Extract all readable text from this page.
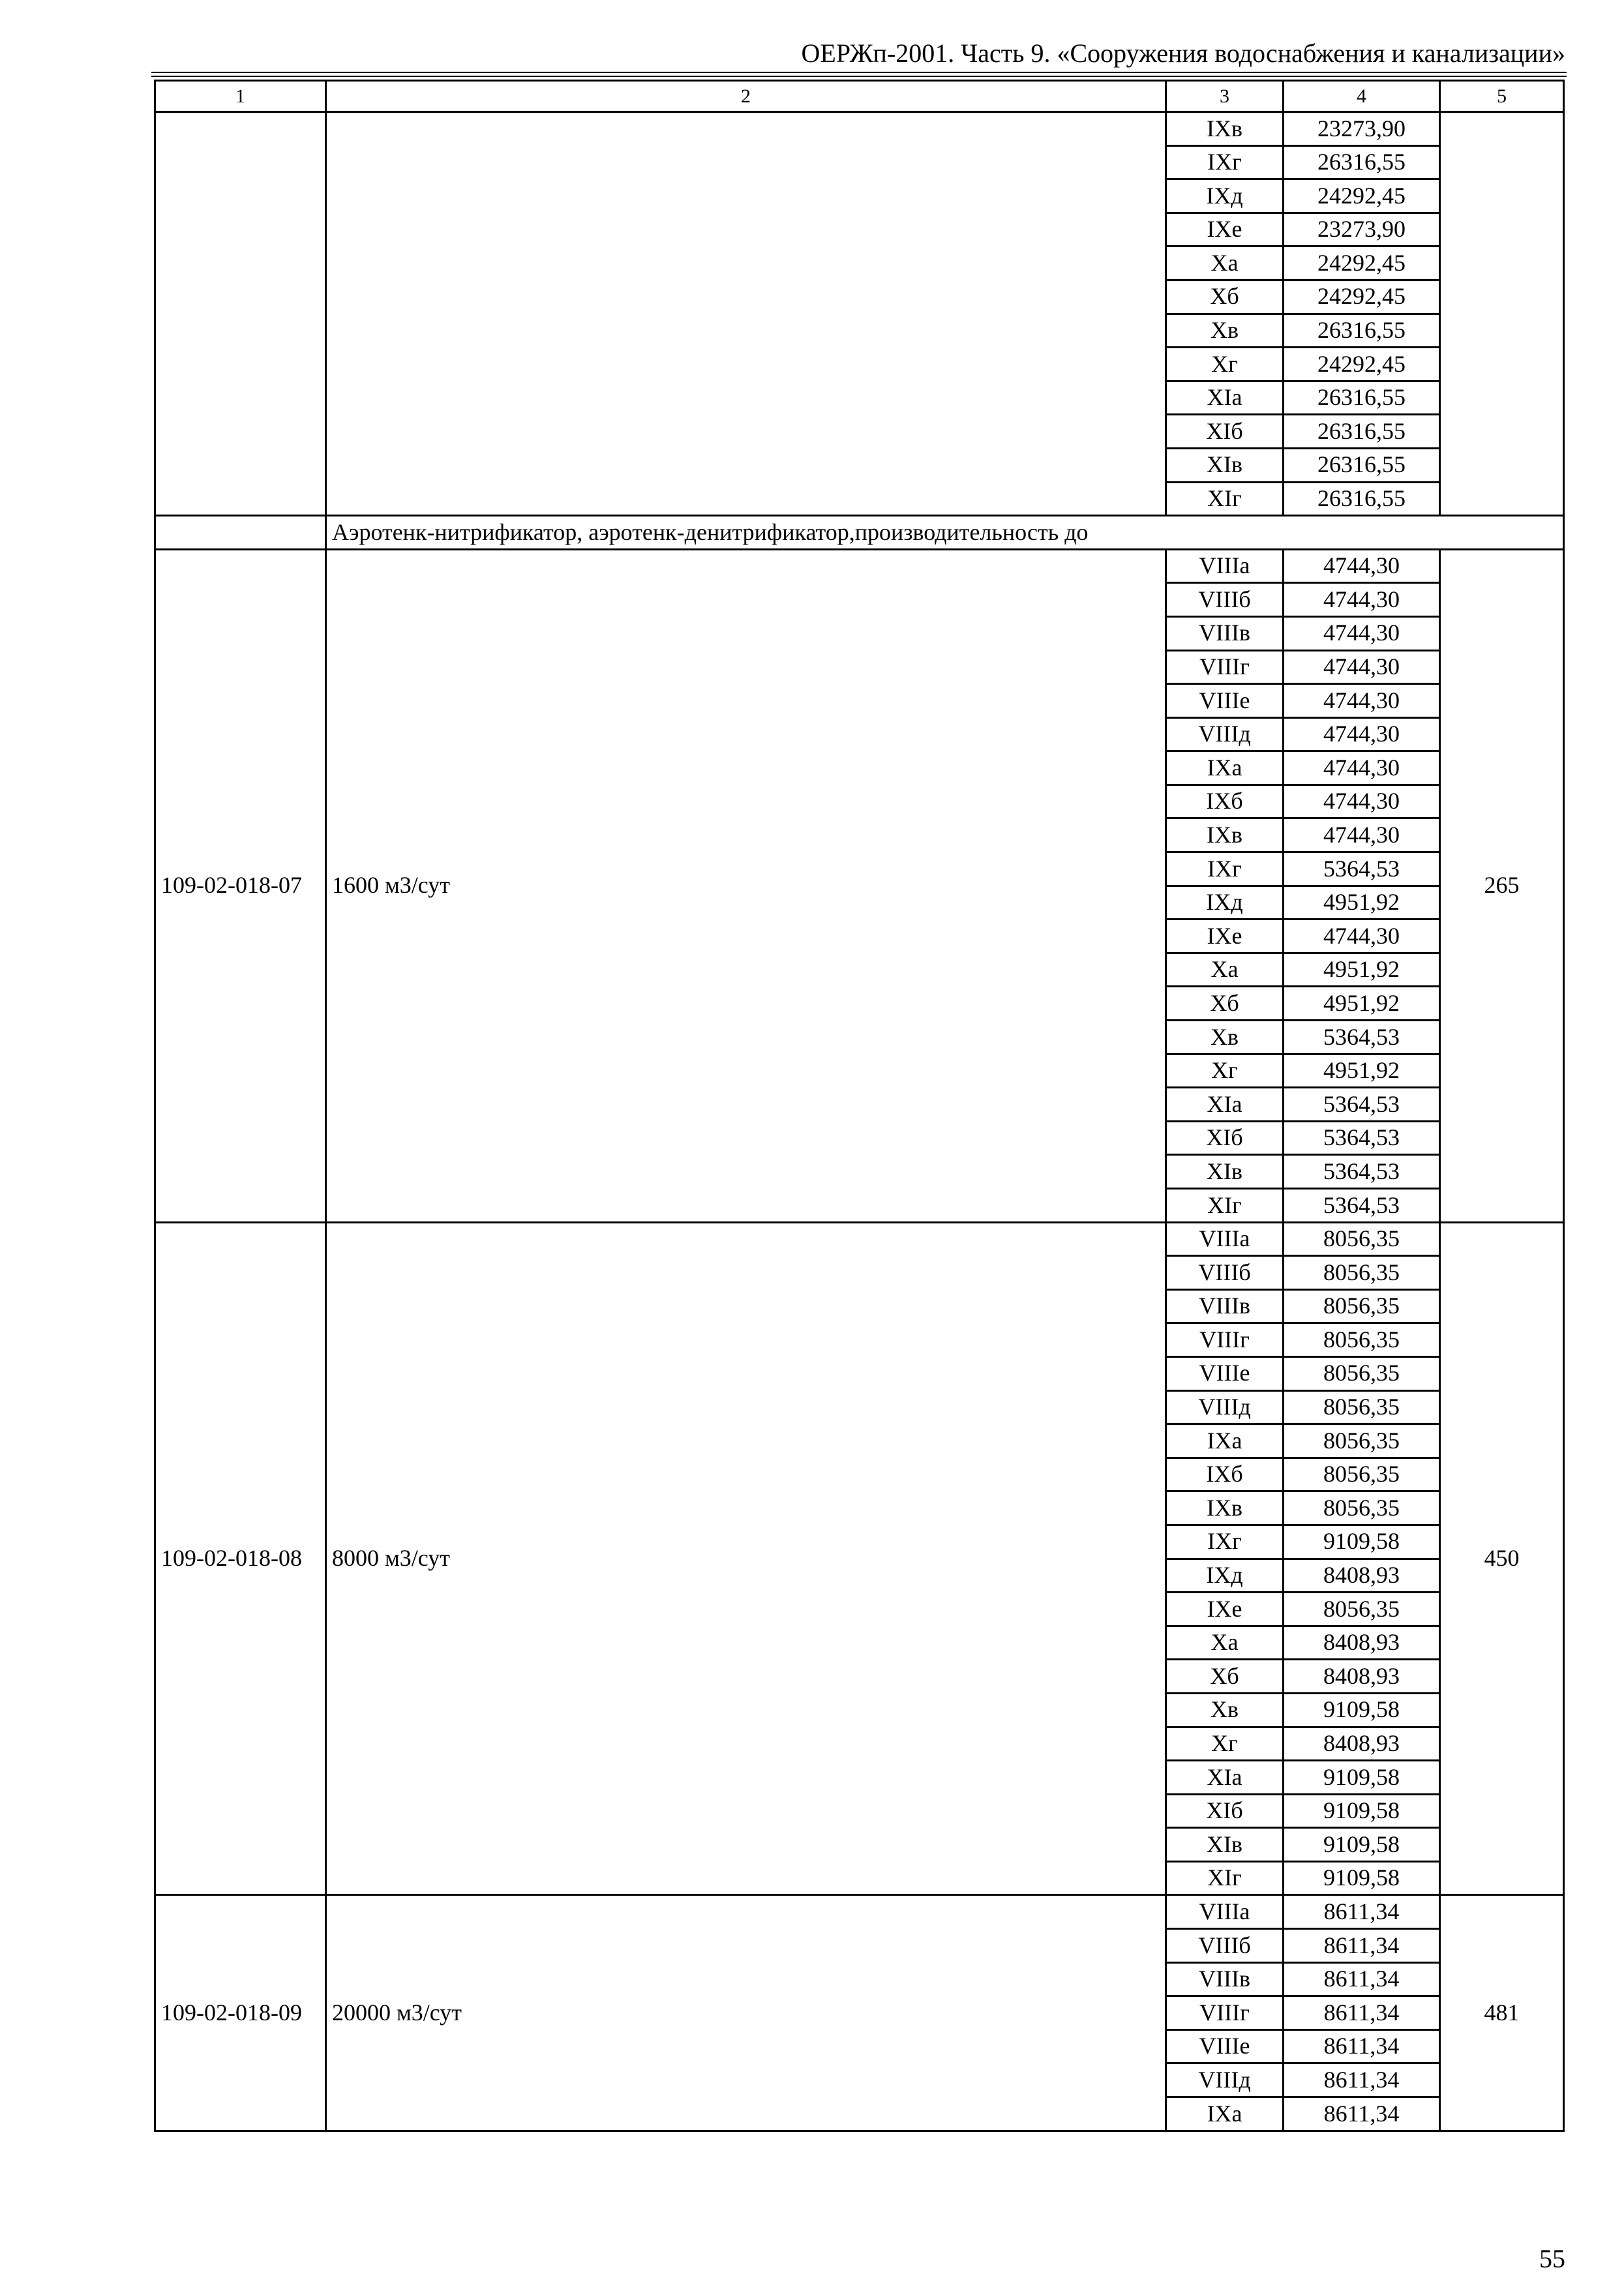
ОЕРЖп-2001. Часть 9. «Сооружения водоснабжения и канализации»
1	2	3	4	5
		IXв	23273,90	
		IXг	26316,55	
		IXд	24292,45	
		IXе	23273,90	
		Xа	24292,45	
		Xб	24292,45	
		Xв	26316,55	
		Xг	24292,45	
		XIа	26316,55	
		XIб	26316,55	
		XIв	26316,55	
		XIг	26316,55	
	Аэротенк-нитрификатор, аэротенк-денитрификатор,производительность до			
109-02-018-07	1600 м3/сут	VIIIа	4744,30	265
		VIIIб	4744,30	
		VIIIв	4744,30	
		VIIIг	4744,30	
		VIIIе	4744,30	
		VIIIд	4744,30	
		IXа	4744,30	
		IXб	4744,30	
		IXв	4744,30	
		IXг	5364,53	
		IXд	4951,92	
		IXе	4744,30	
		Xа	4951,92	
		Xб	4951,92	
		Xв	5364,53	
		Xг	4951,92	
		XIа	5364,53	
		XIб	5364,53	
		XIв	5364,53	
		XIг	5364,53	
109-02-018-08	8000 м3/сут	VIIIа	8056,35	450
		VIIIб	8056,35	
		VIIIв	8056,35	
		VIIIг	8056,35	
		VIIIе	8056,35	
		VIIIд	8056,35	
		IXа	8056,35	
		IXб	8056,35	
		IXв	8056,35	
		IXг	9109,58	
		IXд	8408,93	
		IXе	8056,35	
		Xа	8408,93	
		Xб	8408,93	
		Xв	9109,58	
		Xг	8408,93	
		XIа	9109,58	
		XIб	9109,58	
		XIв	9109,58	
		XIг	9109,58	
109-02-018-09	20000 м3/сут	VIIIа	8611,34	481
		VIIIб	8611,34	
		VIIIв	8611,34	
		VIIIг	8611,34	
		VIIIе	8611,34	
		VIIIд	8611,34	
		IXа	8611,34	
55
